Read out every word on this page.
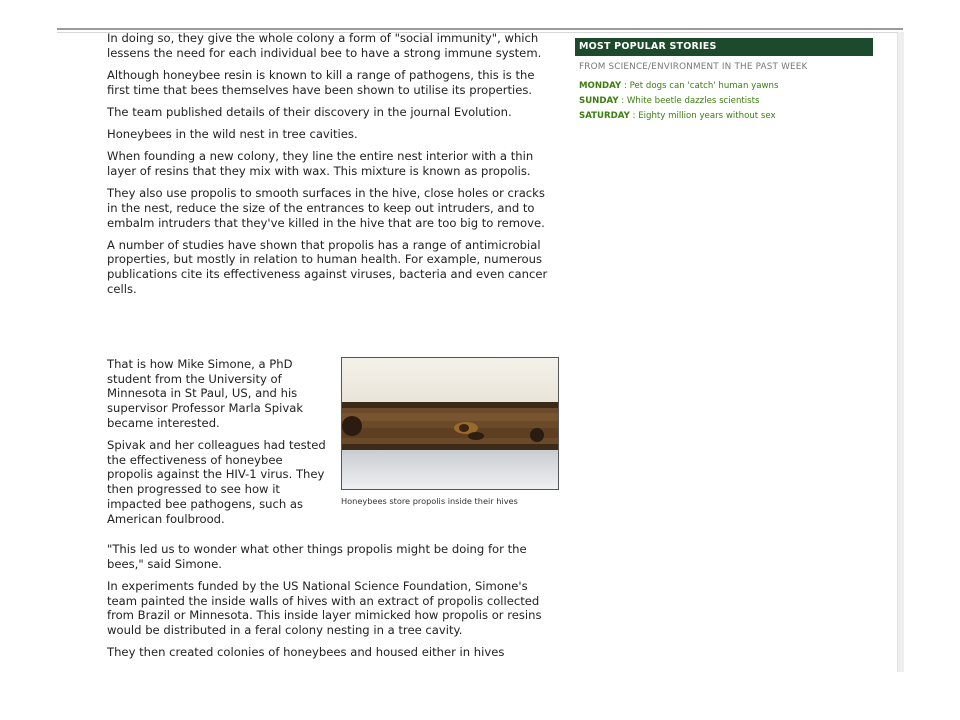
In doing so, they give the whole colony a form of "social immunity", which lessens the need for each individual bee to have a strong immune system.

Although honeybee resin is known to kill a range of pathogens, this is the first time that bees themselves have been shown to utilise its properties.

The team published details of their discovery in the journal Evolution.

Honeybees in the wild nest in tree cavities.

When founding a new colony, they line the entire nest interior with a thin layer of resins that they mix with wax. This mixture is known as propolis.

They also use propolis to smooth surfaces in the hive, close holes or cracks in the nest, reduce the size of the entrances to keep out intruders, and to embalm intruders that they've killed in the hive that are too big to remove.

A number of studies have shown that propolis has a range of antimicrobial properties, but mostly in relation to human health. For example, numerous publications cite its effectiveness against viruses, bacteria and even cancer cells.

That is how Mike Simone, a PhD student from the University of Minnesota in St Paul, US, and his supervisor Professor Marla Spivak became interested.

Spivak and her colleagues had tested the effectiveness of honeybee propolis against the HIV-1 virus. They then progressed to see how it impacted bee pathogens, such as American foulbrood.

Honeybees store propolis inside their hives

"This led us to wonder what other things propolis might be doing for the bees," said Simone.

In experiments funded by the US National Science Foundation, Simone's team painted the inside walls of hives with an extract of propolis collected from Brazil or Minnesota. This inside layer mimicked how propolis or resins would be distributed in a feral colony nesting in a tree cavity.

They then created colonies of honeybees and housed either in hives

MOST POPULAR STORIES
FROM SCIENCE/ENVIRONMENT IN THE PAST WEEK
MONDAY : Pet dogs can 'catch' human yawns
SUNDAY : White beetle dazzles scientists
SATURDAY : Eighty million years without sex
